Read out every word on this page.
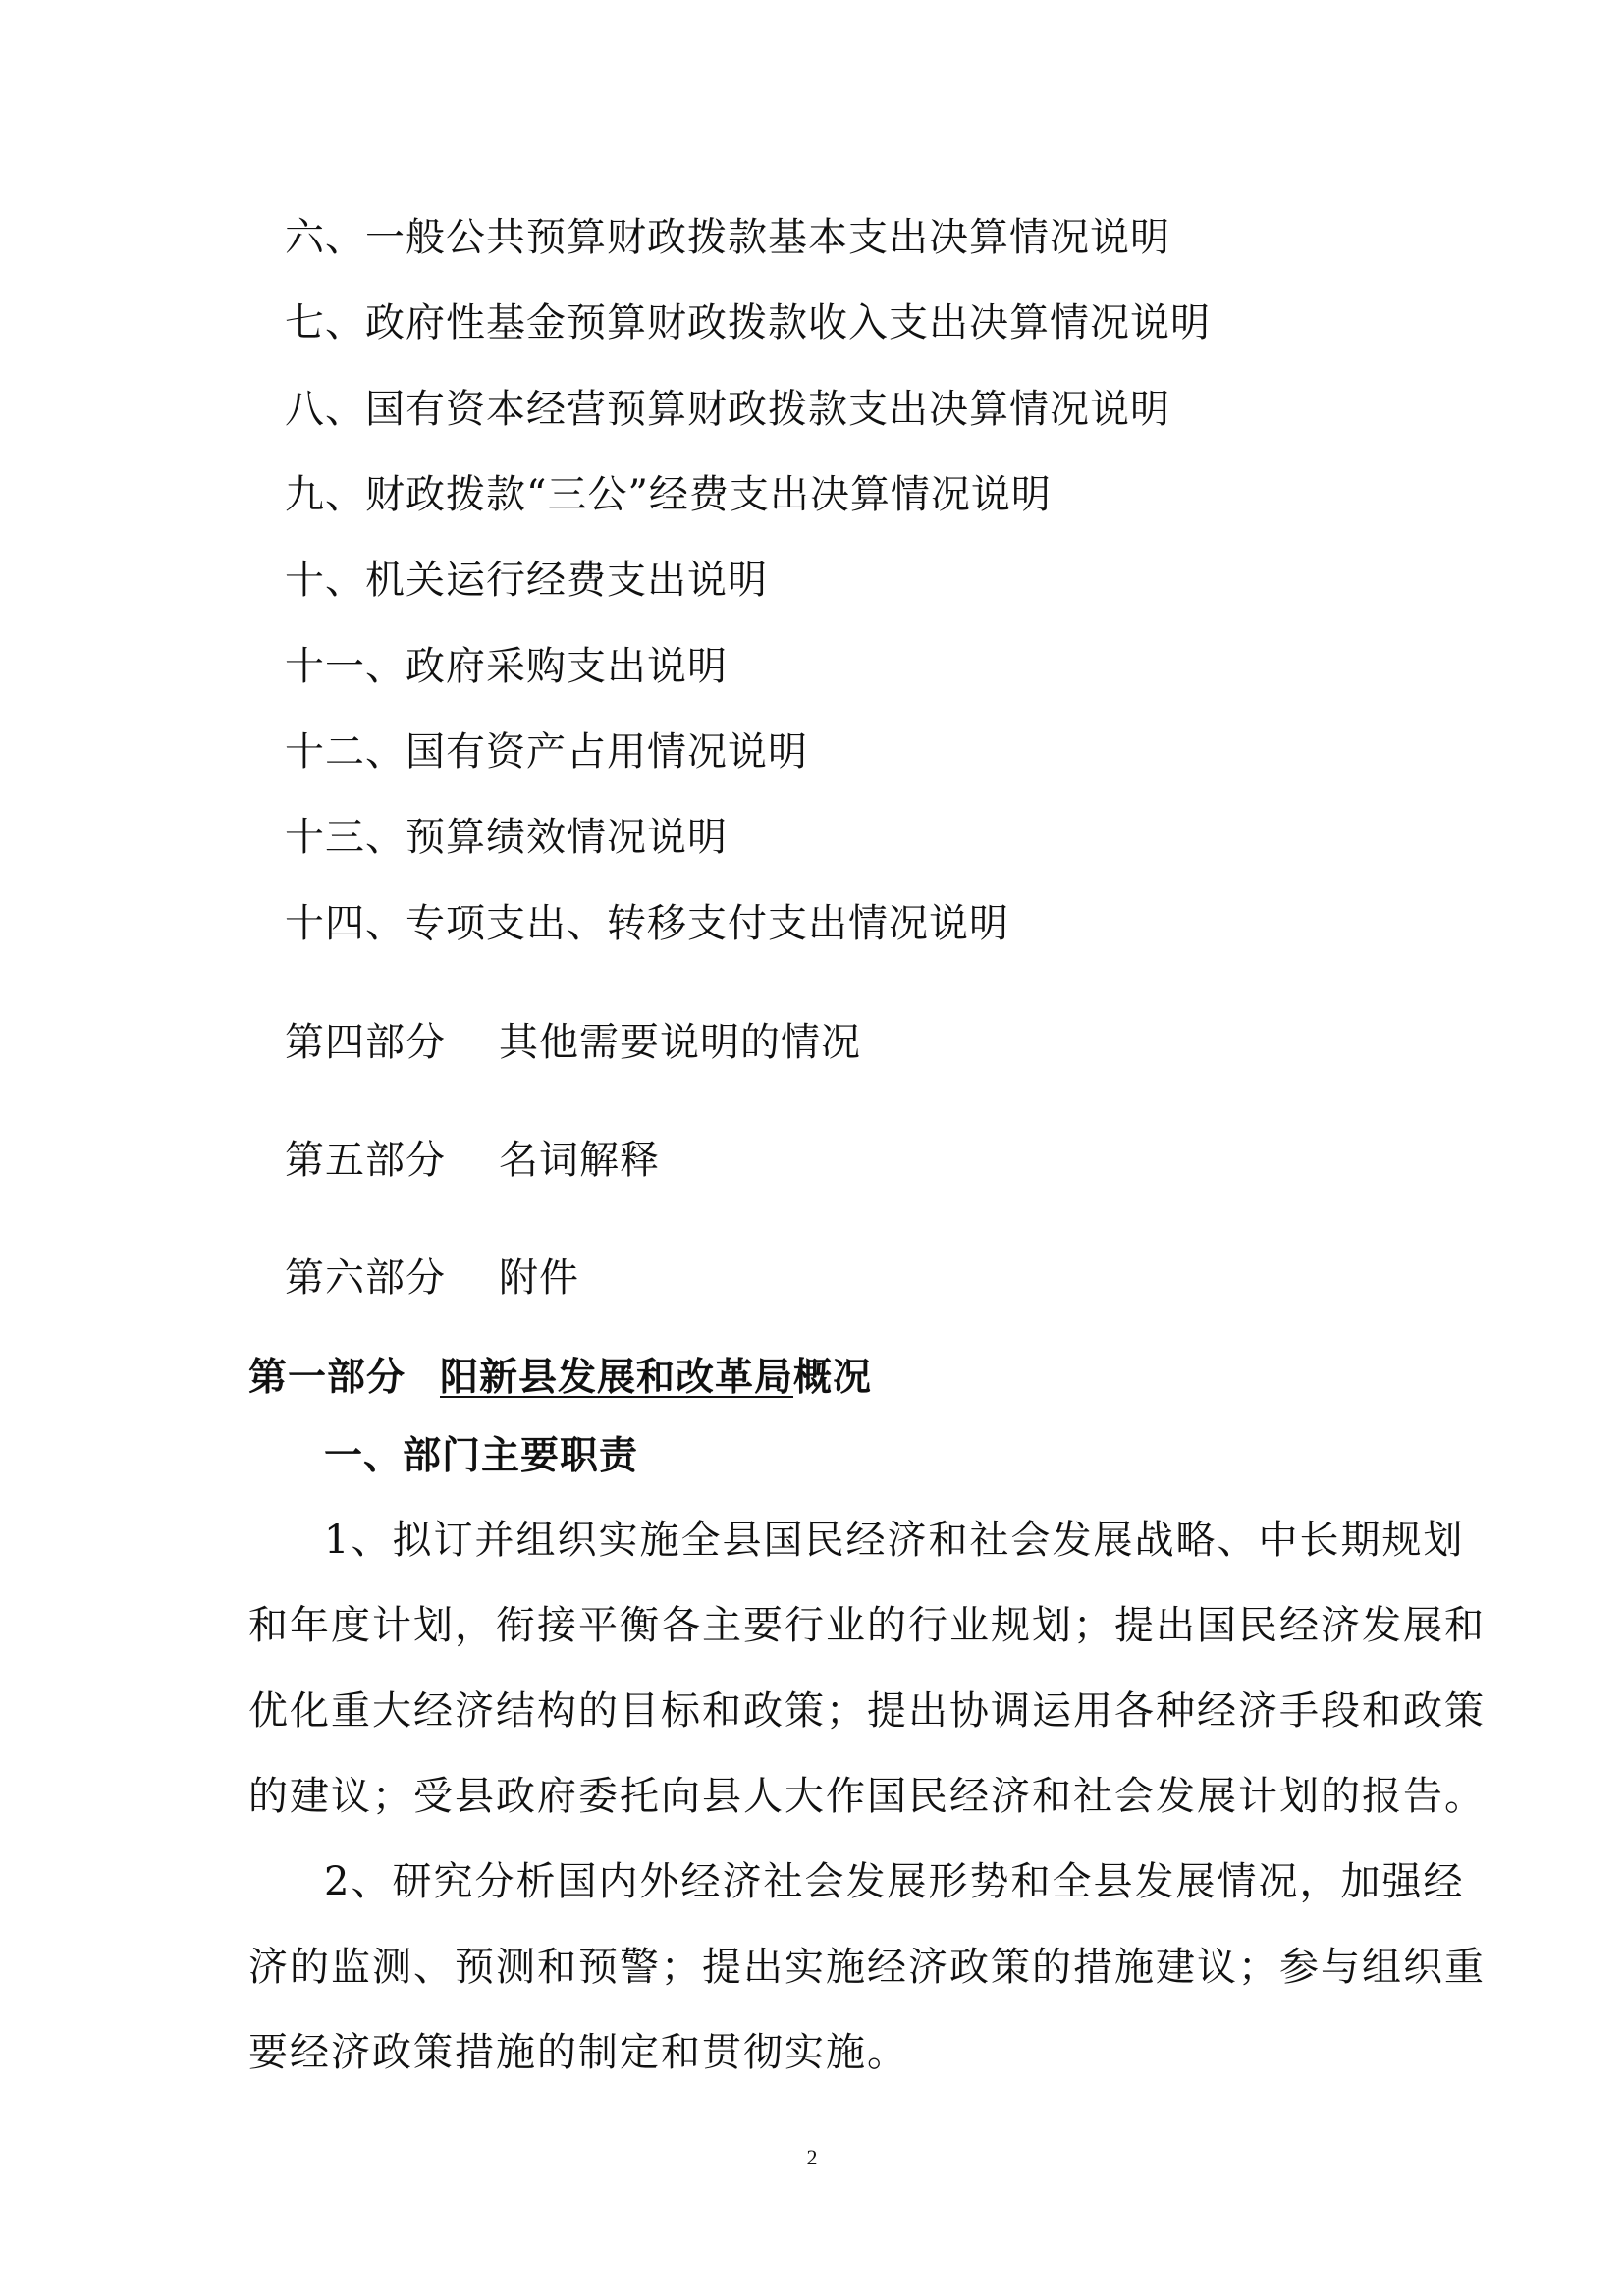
六、一般公共预算财政拨款基本支出决算情况说明
七、政府性基金预算财政拨款收入支出决算情况说明
八、国有资本经营预算财政拨款支出决算情况说明
九、财政拨款“三公”经费支出决算情况说明
十、机关运行经费支出说明
十一、政府采购支出说明
十二、国有资产占用情况说明
十三、预算绩效情况说明
十四、专项支出、转移支付支出情况说明
第四部分 其他需要说明的情况
第五部分 名词解释
第六部分 附件
第一部分 阳新县发展和改革局概况
一、部门主要职责
1、拟订并组织实施全县国民经济和社会发展战略、中长期规划
和年度计划，衔接平衡各主要行业的行业规划；提出国民经济发展和
优化重大经济结构的目标和政策；提出协调运用各种经济手段和政策
的建议；受县政府委托向县人大作国民经济和社会发展计划的报告。
2、研究分析国内外经济社会发展形势和全县发展情况，加强经
济的监测、预测和预警；提出实施经济政策的措施建议；参与组织重
要经济政策措施的制定和贯彻实施。
2
